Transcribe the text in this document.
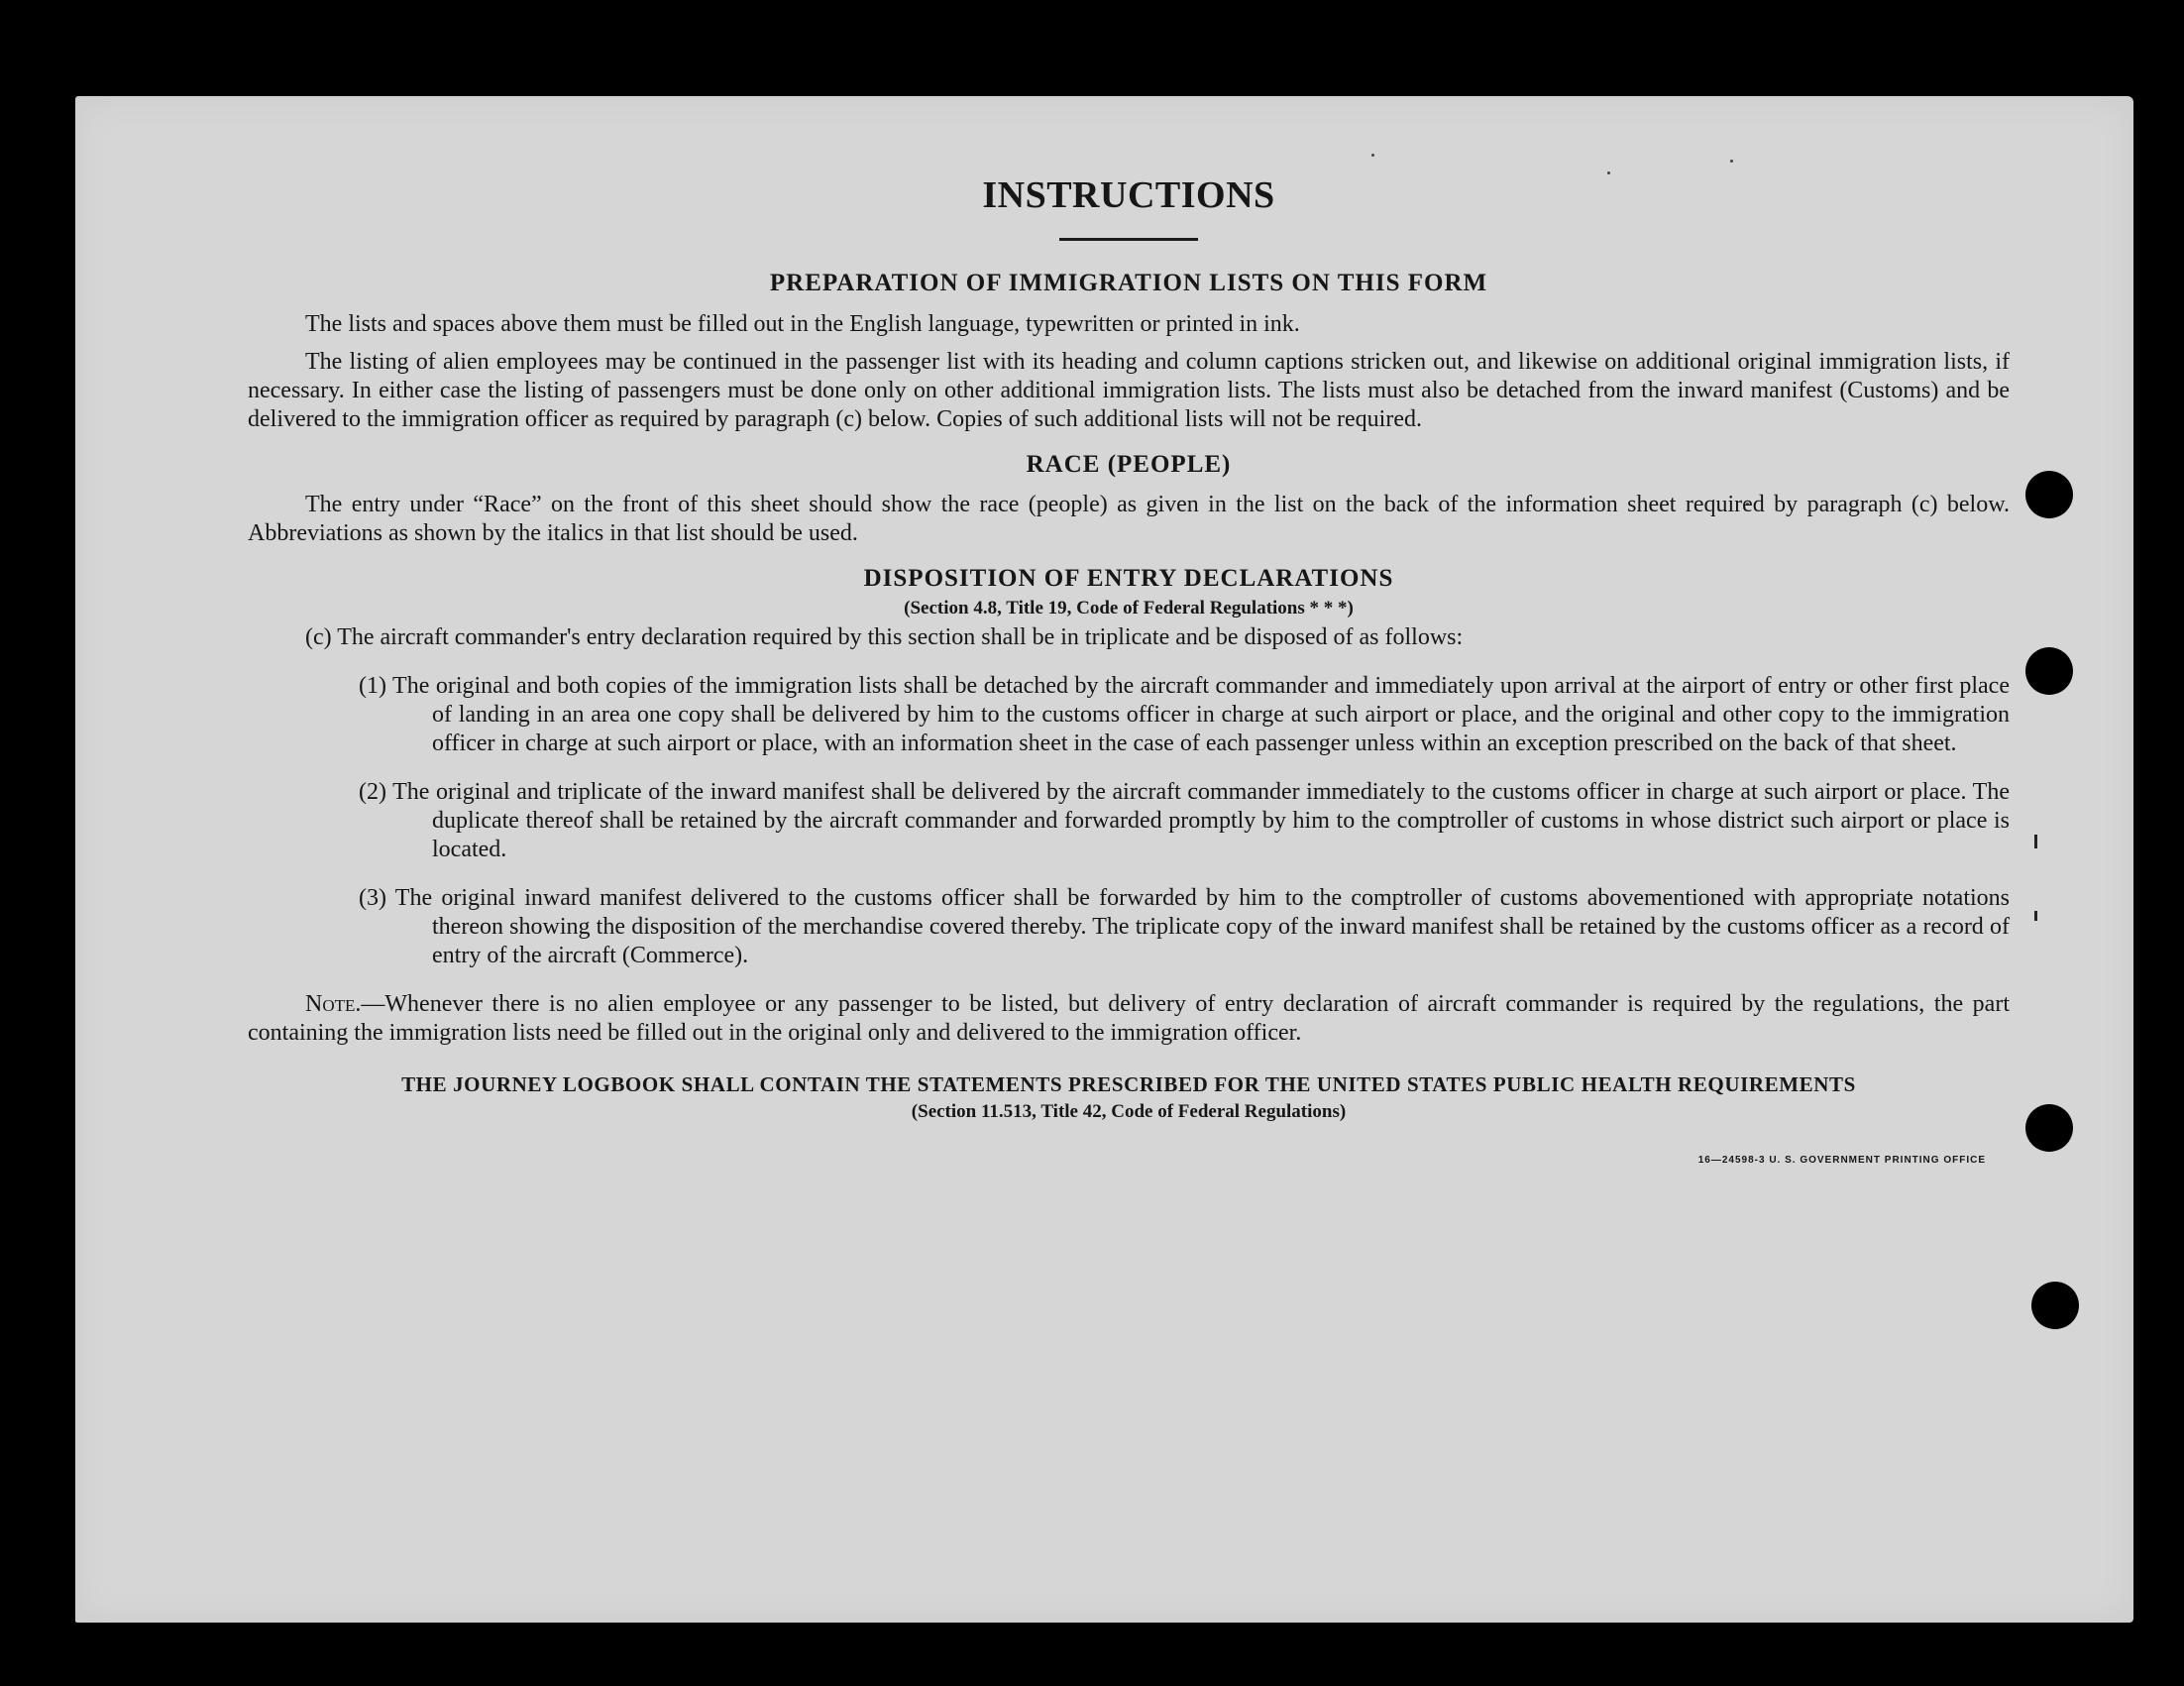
INSTRUCTIONS
PREPARATION OF IMMIGRATION LISTS ON THIS FORM

The lists and spaces above them must be filled out in the English language, typewritten or printed in ink.

The listing of alien employees may be continued in the passenger list with its heading and column captions stricken out, and likewise on additional original immigration lists, if necessary. In either case the listing of passengers must be done only on other additional immigration lists. The lists must also be detached from the inward manifest (Customs) and be delivered to the immigration officer as required by paragraph (c) below. Copies of such additional lists will not be required.

RACE (PEOPLE)

The entry under “Race” on the front of this sheet should show the race (people) as given in the list on the back of the information sheet required by paragraph (c) below. Abbreviations as shown by the italics in that list should be used.

DISPOSITION OF ENTRY DECLARATIONS
(Section 4.8, Title 19, Code of Federal Regulations * * *)

(c) The aircraft commander's entry declaration required by this section shall be in triplicate and be disposed of as follows:

(1) The original and both copies of the immigration lists shall be detached by the aircraft commander and immediately upon arrival at the airport of entry or other first place of landing in an area one copy shall be delivered by him to the customs officer in charge at such airport or place, and the original and other copy to the immigration officer in charge at such airport or place, with an information sheet in the case of each passenger unless within an exception prescribed on the back of that sheet.

(2) The original and triplicate of the inward manifest shall be delivered by the aircraft commander immediately to the customs officer in charge at such airport or place. The duplicate thereof shall be retained by the aircraft commander and forwarded promptly by him to the comptroller of customs in whose district such airport or place is located.

(3) The original inward manifest delivered to the customs officer shall be forwarded by him to the comptroller of customs abovementioned with appropriate notations thereon showing the disposition of the merchandise covered thereby. The triplicate copy of the inward manifest shall be retained by the customs officer as a record of entry of the aircraft (Commerce).

Note.—Whenever there is no alien employee or any passenger to be listed, but delivery of entry declaration of aircraft commander is required by the regulations, the part containing the immigration lists need be filled out in the original only and delivered to the immigration officer.

THE JOURNEY LOGBOOK SHALL CONTAIN THE STATEMENTS PRESCRIBED FOR THE UNITED STATES PUBLIC HEALTH REQUIREMENTS
(Section 11.513, Title 42, Code of Federal Regulations)
16—24598-3 U. S. GOVERNMENT PRINTING OFFICE
